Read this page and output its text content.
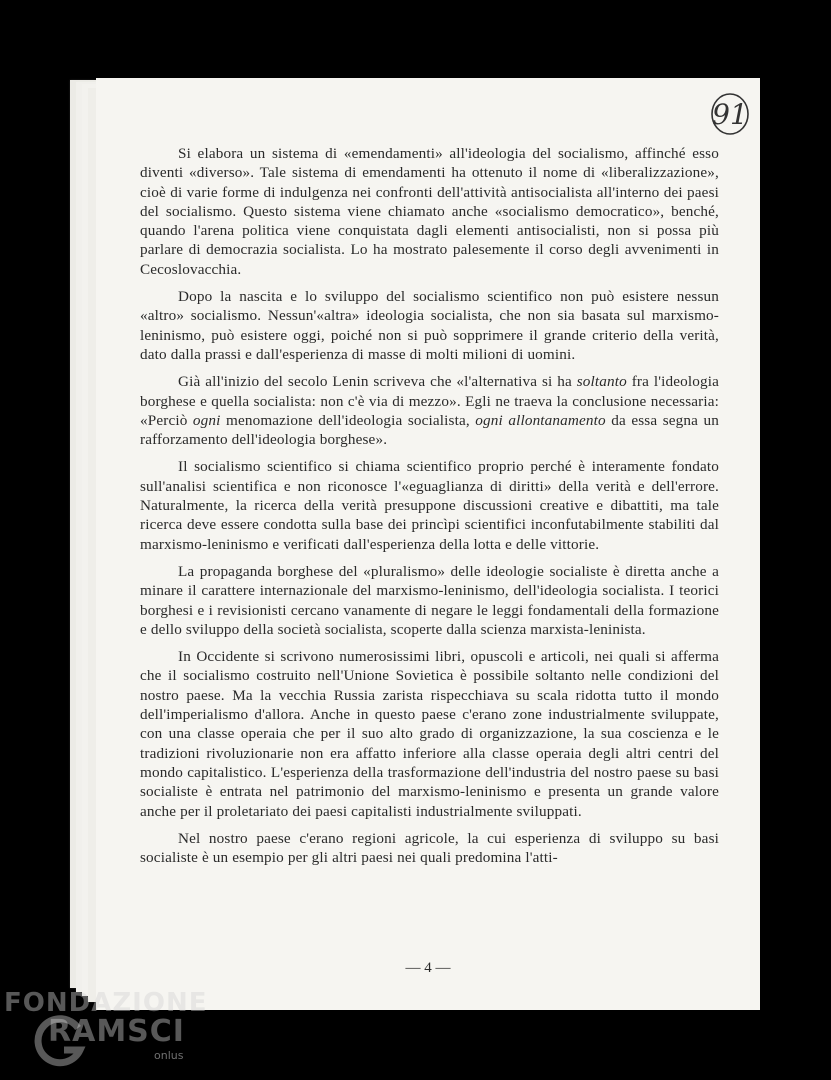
91

Si elabora un sistema di «emendamenti» all'ideologia del socialismo, affinché esso diventi «diverso». Tale sistema di emendamenti ha ottenuto il nome di «liberalizzazione», cioè di varie forme di indulgenza nei confronti dell'attività antisocialista all'interno dei paesi del socialismo. Questo sistema viene chiamato anche «socialismo democratico», benché, quando l'arena politica viene conquistata dagli elementi antisocialisti, non si possa più parlare di democrazia socialista. Lo ha mostrato palesemente il corso degli avvenimenti in Cecoslovacchia.

Dopo la nascita e lo sviluppo del socialismo scientifico non può esistere nessun «altro» socialismo. Nessun'«altra» ideologia socialista, che non sia basata sul marxismo-leninismo, può esistere oggi, poiché non si può sopprimere il grande criterio della verità, dato dalla prassi e dall'esperienza di masse di molti milioni di uomini.

Già all'inizio del secolo Lenin scriveva che «l'alternativa si ha soltanto fra l'ideologia borghese e quella socialista: non c'è via di mezzo». Egli ne traeva la conclusione necessaria: «Perciò ogni menomazione dell'ideologia socialista, ogni allontanamento da essa segna un rafforzamento dell'ideologia borghese».

Il socialismo scientifico si chiama scientifico proprio perché è interamente fondato sull'analisi scientifica e non riconosce l'«eguaglianza di diritti» della verità e dell'errore. Naturalmente, la ricerca della verità presuppone discussioni creative e dibattiti, ma tale ricerca deve essere condotta sulla base dei princìpi scientifici inconfutabilmente stabiliti dal marxismo-leninismo e verificati dall'esperienza della lotta e delle vittorie.

La propaganda borghese del «pluralismo» delle ideologie socialiste è diretta anche a minare il carattere internazionale del marxismo-leninismo, dell'ideologia socialista. I teorici borghesi e i revisionisti cercano vanamente di negare le leggi fondamentali della formazione e dello sviluppo della società socialista, scoperte dalla scienza marxista-leninista.

In Occidente si scrivono numerosissimi libri, opuscoli e articoli, nei quali si afferma che il socialismo costruito nell'Unione Sovietica è possibile soltanto nelle condizioni del nostro paese. Ma la vecchia Russia zarista rispecchiava su scala ridotta tutto il mondo dell'imperialismo d'allora. Anche in questo paese c'erano zone industrialmente sviluppate, con una classe operaia che per il suo alto grado di organizzazione, la sua coscienza e le tradizioni rivoluzionarie non era affatto inferiore alla classe operaia degli altri centri del mondo capitalistico. L'esperienza della trasformazione dell'industria del nostro paese su basi socialiste è entrata nel patrimonio del marxismo-leninismo e presenta un grande valore anche per il proletariato dei paesi capitalisti industrialmente sviluppati.

Nel nostro paese c'erano regioni agricole, la cui esperienza di sviluppo su basi socialiste è un esempio per gli altri paesi nei quali predomina l'atti-

— 4 —
FONDAZIONE
RAMSCI
onlus
